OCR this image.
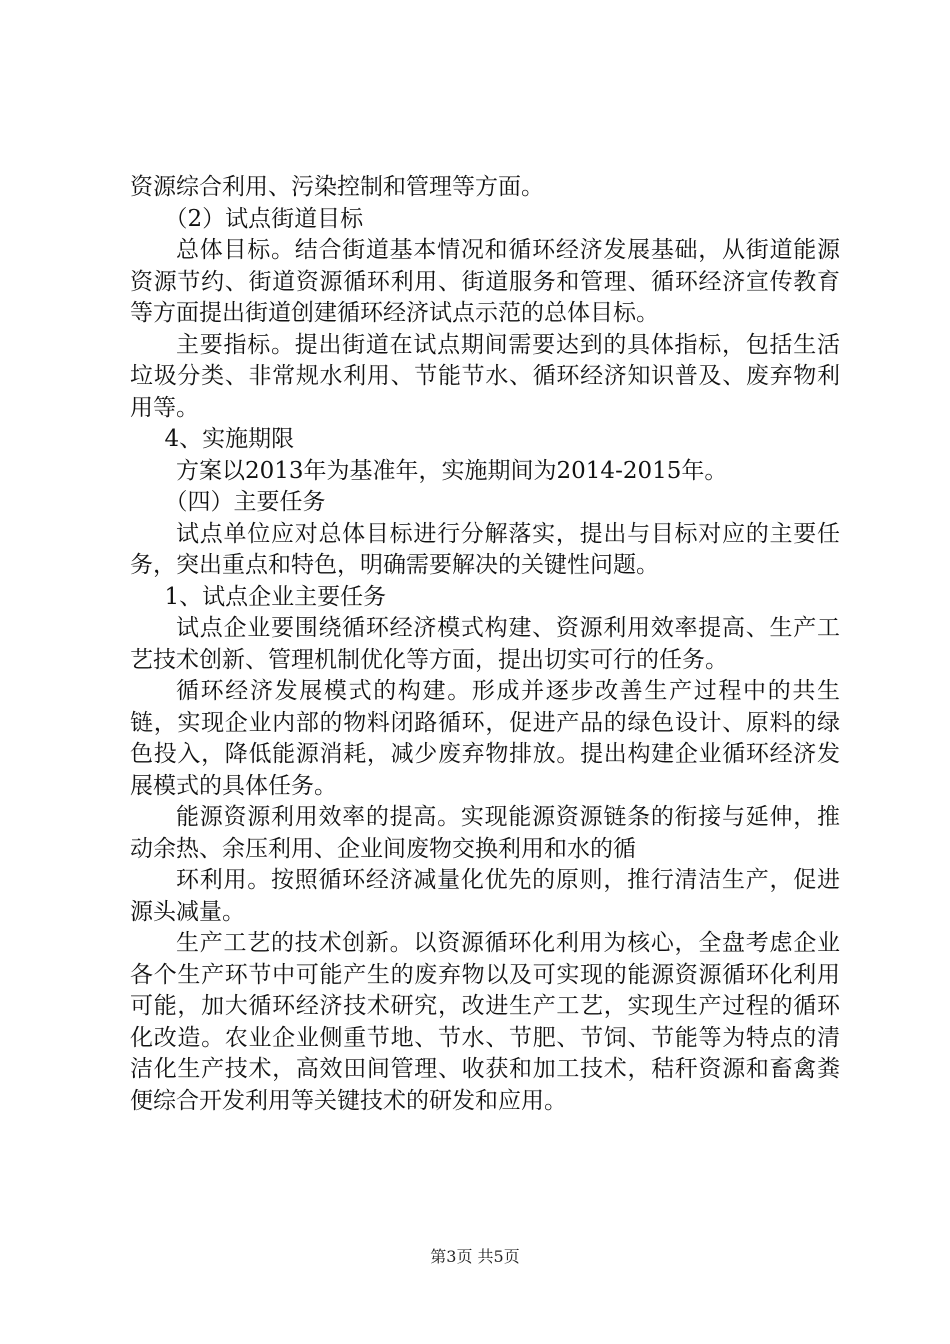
资源综合利用、污染控制和管理等方面。

（2）试点街道目标

总体目标。结合街道基本情况和循环经济发展基础，从街道能源资源节约、街道资源循环利用、街道服务和管理、循环经济宣传教育等方面提出街道创建循环经济试点示范的总体目标。

主要指标。提出街道在试点期间需要达到的具体指标，包括生活垃圾分类、非常规水利用、节能节水、循环经济知识普及、废弃物利用等。

4、实施期限

方案以2013年为基准年，实施期间为2014-2015年。

（四）主要任务

试点单位应对总体目标进行分解落实，提出与目标对应的主要任务，突出重点和特色，明确需要解决的关键性问题。

1、试点企业主要任务

试点企业要围绕循环经济模式构建、资源利用效率提高、生产工艺技术创新、管理机制优化等方面，提出切实可行的任务。

循环经济发展模式的构建。形成并逐步改善生产过程中的共生链，实现企业内部的物料闭路循环，促进产品的绿色设计、原料的绿色投入，降低能源消耗，减少废弃物排放。提出构建企业循环经济发展模式的具体任务。

能源资源利用效率的提高。实现能源资源链条的衔接与延伸，推动余热、余压利用、企业间废物交换利用和水的循

环利用。按照循环经济减量化优先的原则，推行清洁生产，促进源头减量。

生产工艺的技术创新。以资源循环化利用为核心，全盘考虑企业各个生产环节中可能产生的废弃物以及可实现的能源资源循环化利用可能，加大循环经济技术研究，改进生产工艺，实现生产过程的循环化改造。农业企业侧重节地、节水、节肥、节饲、节能等为特点的清洁化生产技术，高效田间管理、收获和加工技术，秸秆资源和畜禽粪便综合开发利用等关键技术的研发和应用。

第3页 共5页
